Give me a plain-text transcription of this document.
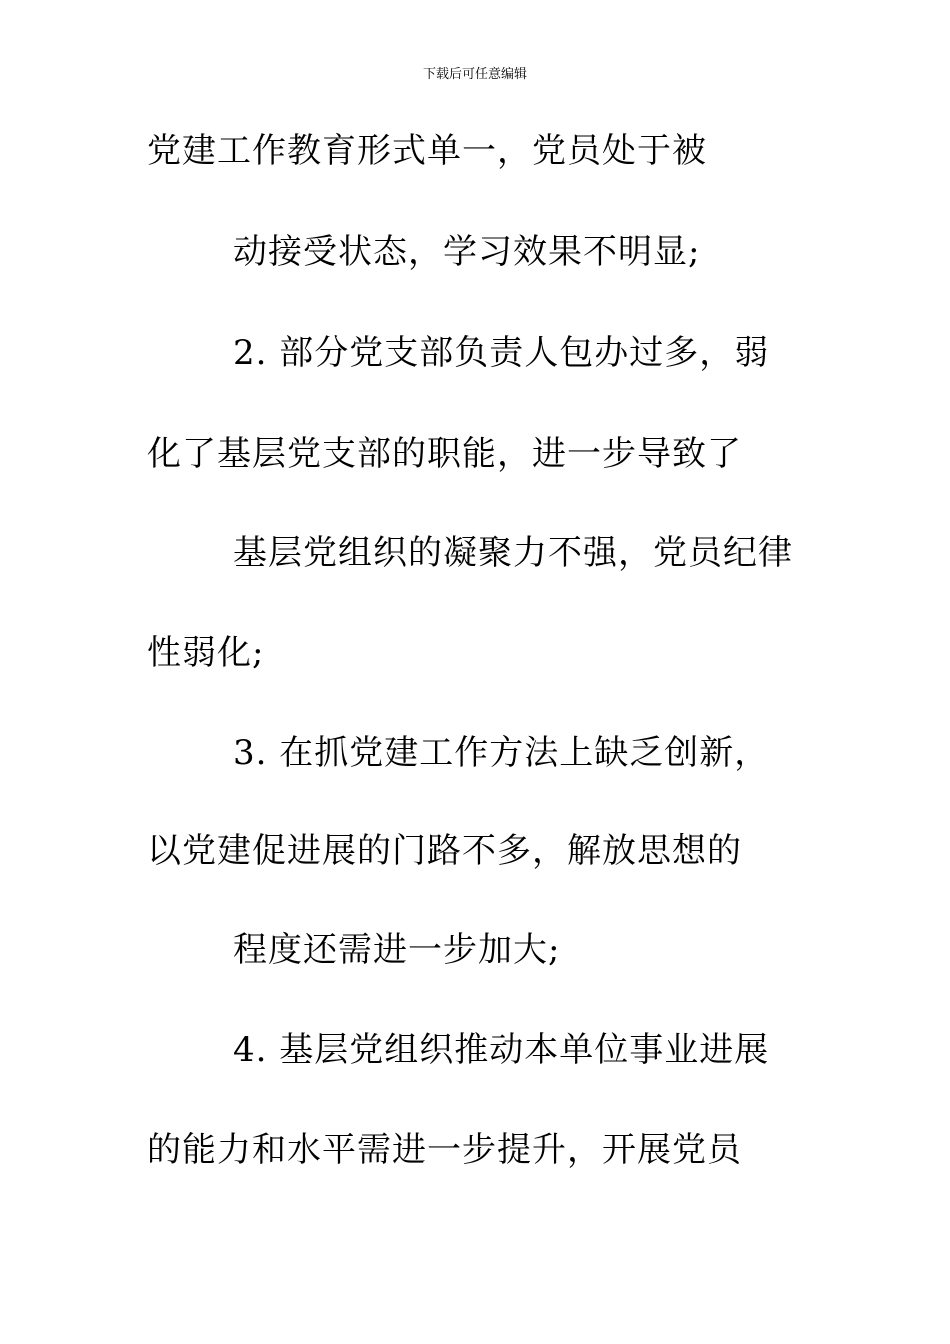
下载后可任意编辑
党建工作教育形式单一，党员处于被
动接受状态，学习效果不明显;
2. 部分党支部负责人包办过多，弱
化了基层党支部的职能，进一步导致了
基层党组织的凝聚力不强，党员纪律
性弱化;
3. 在抓党建工作方法上缺乏创新，
以党建促进展的门路不多，解放思想的
程度还需进一步加大;
4. 基层党组织推动本单位事业进展
的能力和水平需进一步提升，开展党员
